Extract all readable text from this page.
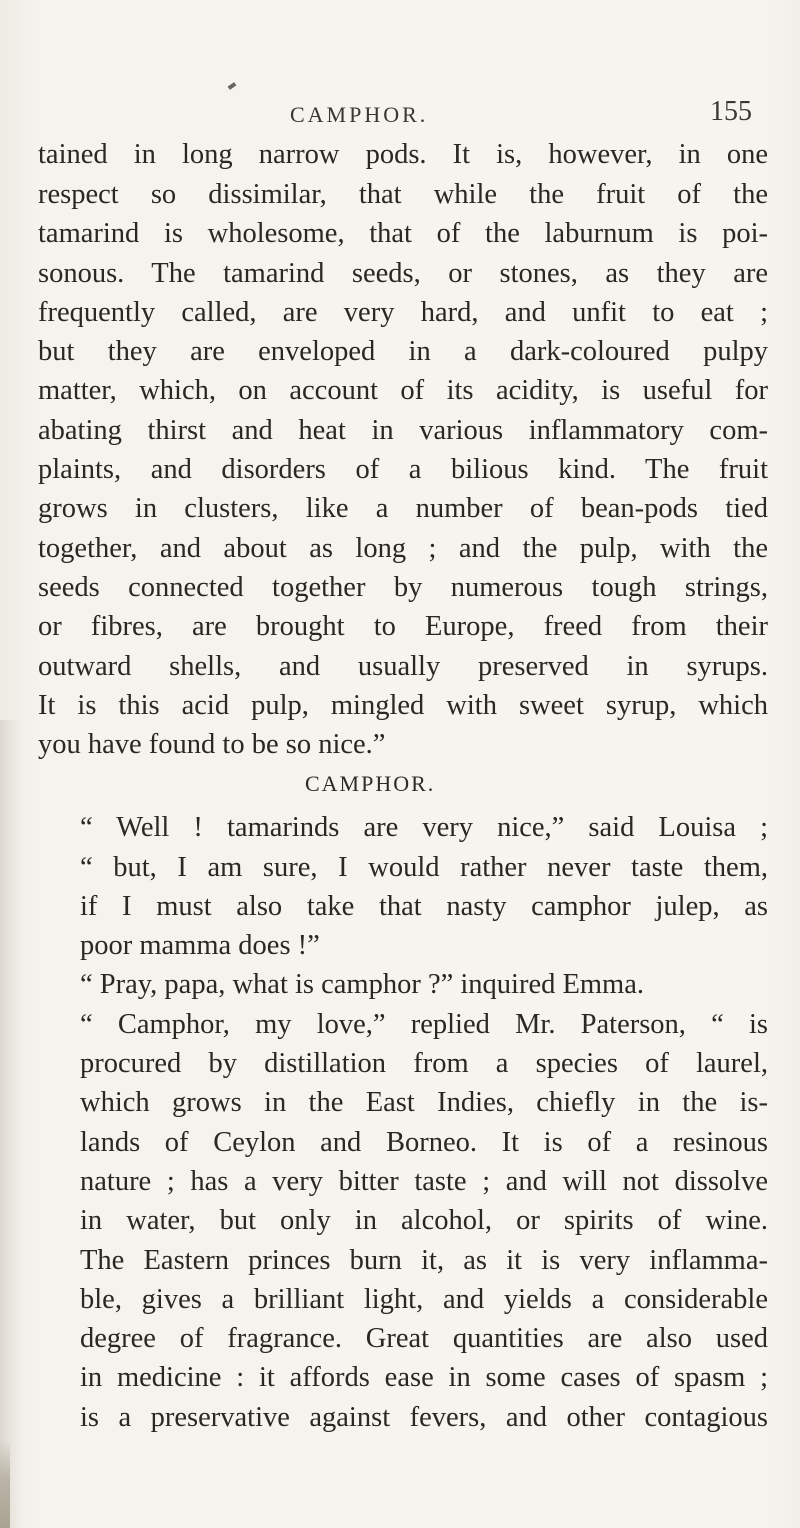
CAMPHOR.	155
tained in long narrow pods. It is, however, in one
respect so dissimilar, that while the fruit of the
tamarind is wholesome, that of the laburnum is poi-
sonous. The tamarind seeds, or stones, as they are
frequently called, are very hard, and unfit to eat ;
but they are enveloped in a dark-coloured pulpy
matter, which, on account of its acidity, is useful for
abating thirst and heat in various inflammatory com-
plaints, and disorders of a bilious kind. The fruit
grows in clusters, like a number of bean-pods tied
together, and about as long ; and the pulp, with the
seeds connected together by numerous tough strings,
or fibres, are brought to Europe, freed from their
outward shells, and usually preserved in syrups.
It is this acid pulp, mingled with sweet syrup, which
you have found to be so nice.”
CAMPHOR.
“ Well ! tamarinds are very nice,” said Louisa ;
“ but, I am sure, I would rather never taste them,
if I must also take that nasty camphor julep, as
poor mamma does !”
“ Pray, papa, what is camphor ?” inquired Emma.
“ Camphor, my love,” replied Mr. Paterson, “ is
procured by distillation from a species of laurel,
which grows in the East Indies, chiefly in the is-
lands of Ceylon and Borneo. It is of a resinous
nature ; has a very bitter taste ; and will not dissolve
in water, but only in alcohol, or spirits of wine.
The Eastern princes burn it, as it is very inflamma-
ble, gives a brilliant light, and yields a considerable
degree of fragrance. Great quantities are also used
in medicine : it affords ease in some cases of spasm ;
is a preservative against fevers, and other contagious
